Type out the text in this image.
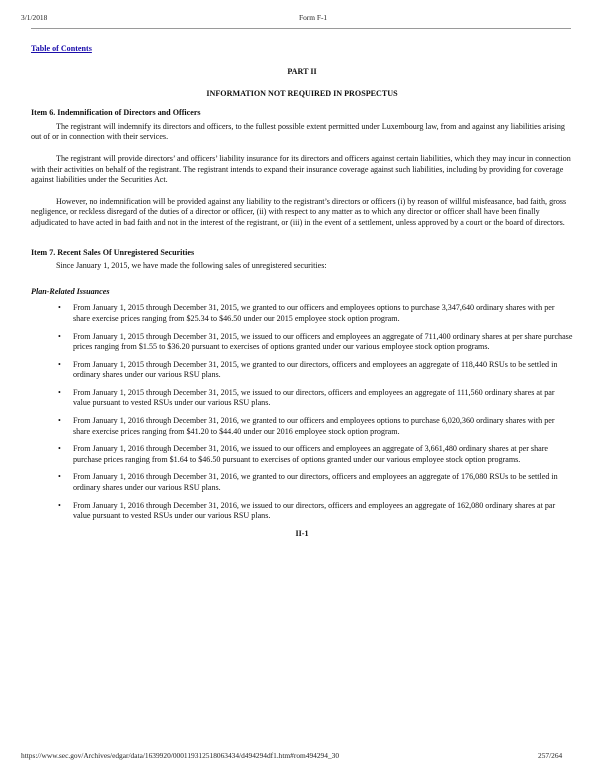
3/1/2018	Form F-1
Table of Contents
PART II
INFORMATION NOT REQUIRED IN PROSPECTUS
Item 6. Indemnification of Directors and Officers

The registrant will indemnify its directors and officers, to the fullest possible extent permitted under Luxembourg law, from and against any liabilities arising out of or in connection with their services.

The registrant will provide directors’ and officers’ liability insurance for its directors and officers against certain liabilities, which they may incur in connection with their activities on behalf of the registrant. The registrant intends to expand their insurance coverage against such liabilities, including by providing for coverage against liabilities under the Securities Act.

However, no indemnification will be provided against any liability to the registrant’s directors or officers (i) by reason of willful misfeasance, bad faith, gross negligence, or reckless disregard of the duties of a director or officer, (ii) with respect to any matter as to which any director or officer shall have been finally adjudicated to have acted in bad faith and not in the interest of the registrant, or (iii) in the event of a settlement, unless approved by a court or the board of directors.

Item 7. Recent Sales Of Unregistered Securities

Since January 1, 2015, we have made the following sales of unregistered securities:

Plan-Related Issuances
• From January 1, 2015 through December 31, 2015, we granted to our officers and employees options to purchase 3,347,640 ordinary shares with per share exercise prices ranging from $25.34 to $46.50 under our 2015 employee stock option program.
• From January 1, 2015 through December 31, 2015, we issued to our officers and employees an aggregate of 711,400 ordinary shares at per share purchase prices ranging from $1.55 to $36.20 pursuant to exercises of options granted under our various employee stock option programs.
• From January 1, 2015 through December 31, 2015, we granted to our directors, officers and employees an aggregate of 118,440 RSUs to be settled in ordinary shares under our various RSU plans.
• From January 1, 2015 through December 31, 2015, we issued to our directors, officers and employees an aggregate of 111,560 ordinary shares at par value pursuant to vested RSUs under our various RSU plans.
• From January 1, 2016 through December 31, 2016, we granted to our officers and employees options to purchase 6,020,360 ordinary shares with per share exercise prices ranging from $41.20 to $44.40 under our 2016 employee stock option program.
• From January 1, 2016 through December 31, 2016, we issued to our officers and employees an aggregate of 3,661,480 ordinary shares at per share purchase prices ranging from $1.64 to $46.50 pursuant to exercises of options granted under our various employee stock option programs.
• From January 1, 2016 through December 31, 2016, we granted to our directors, officers and employees an aggregate of 176,080 RSUs to be settled in ordinary shares under our various RSU plans.
• From January 1, 2016 through December 31, 2016, we issued to our directors, officers and employees an aggregate of 162,080 ordinary shares at par value pursuant to vested RSUs under our various RSU plans.
II-1
https://www.sec.gov/Archives/edgar/data/1639920/000119312518063434/d494294df1.htm#rom494294_30	257/264
